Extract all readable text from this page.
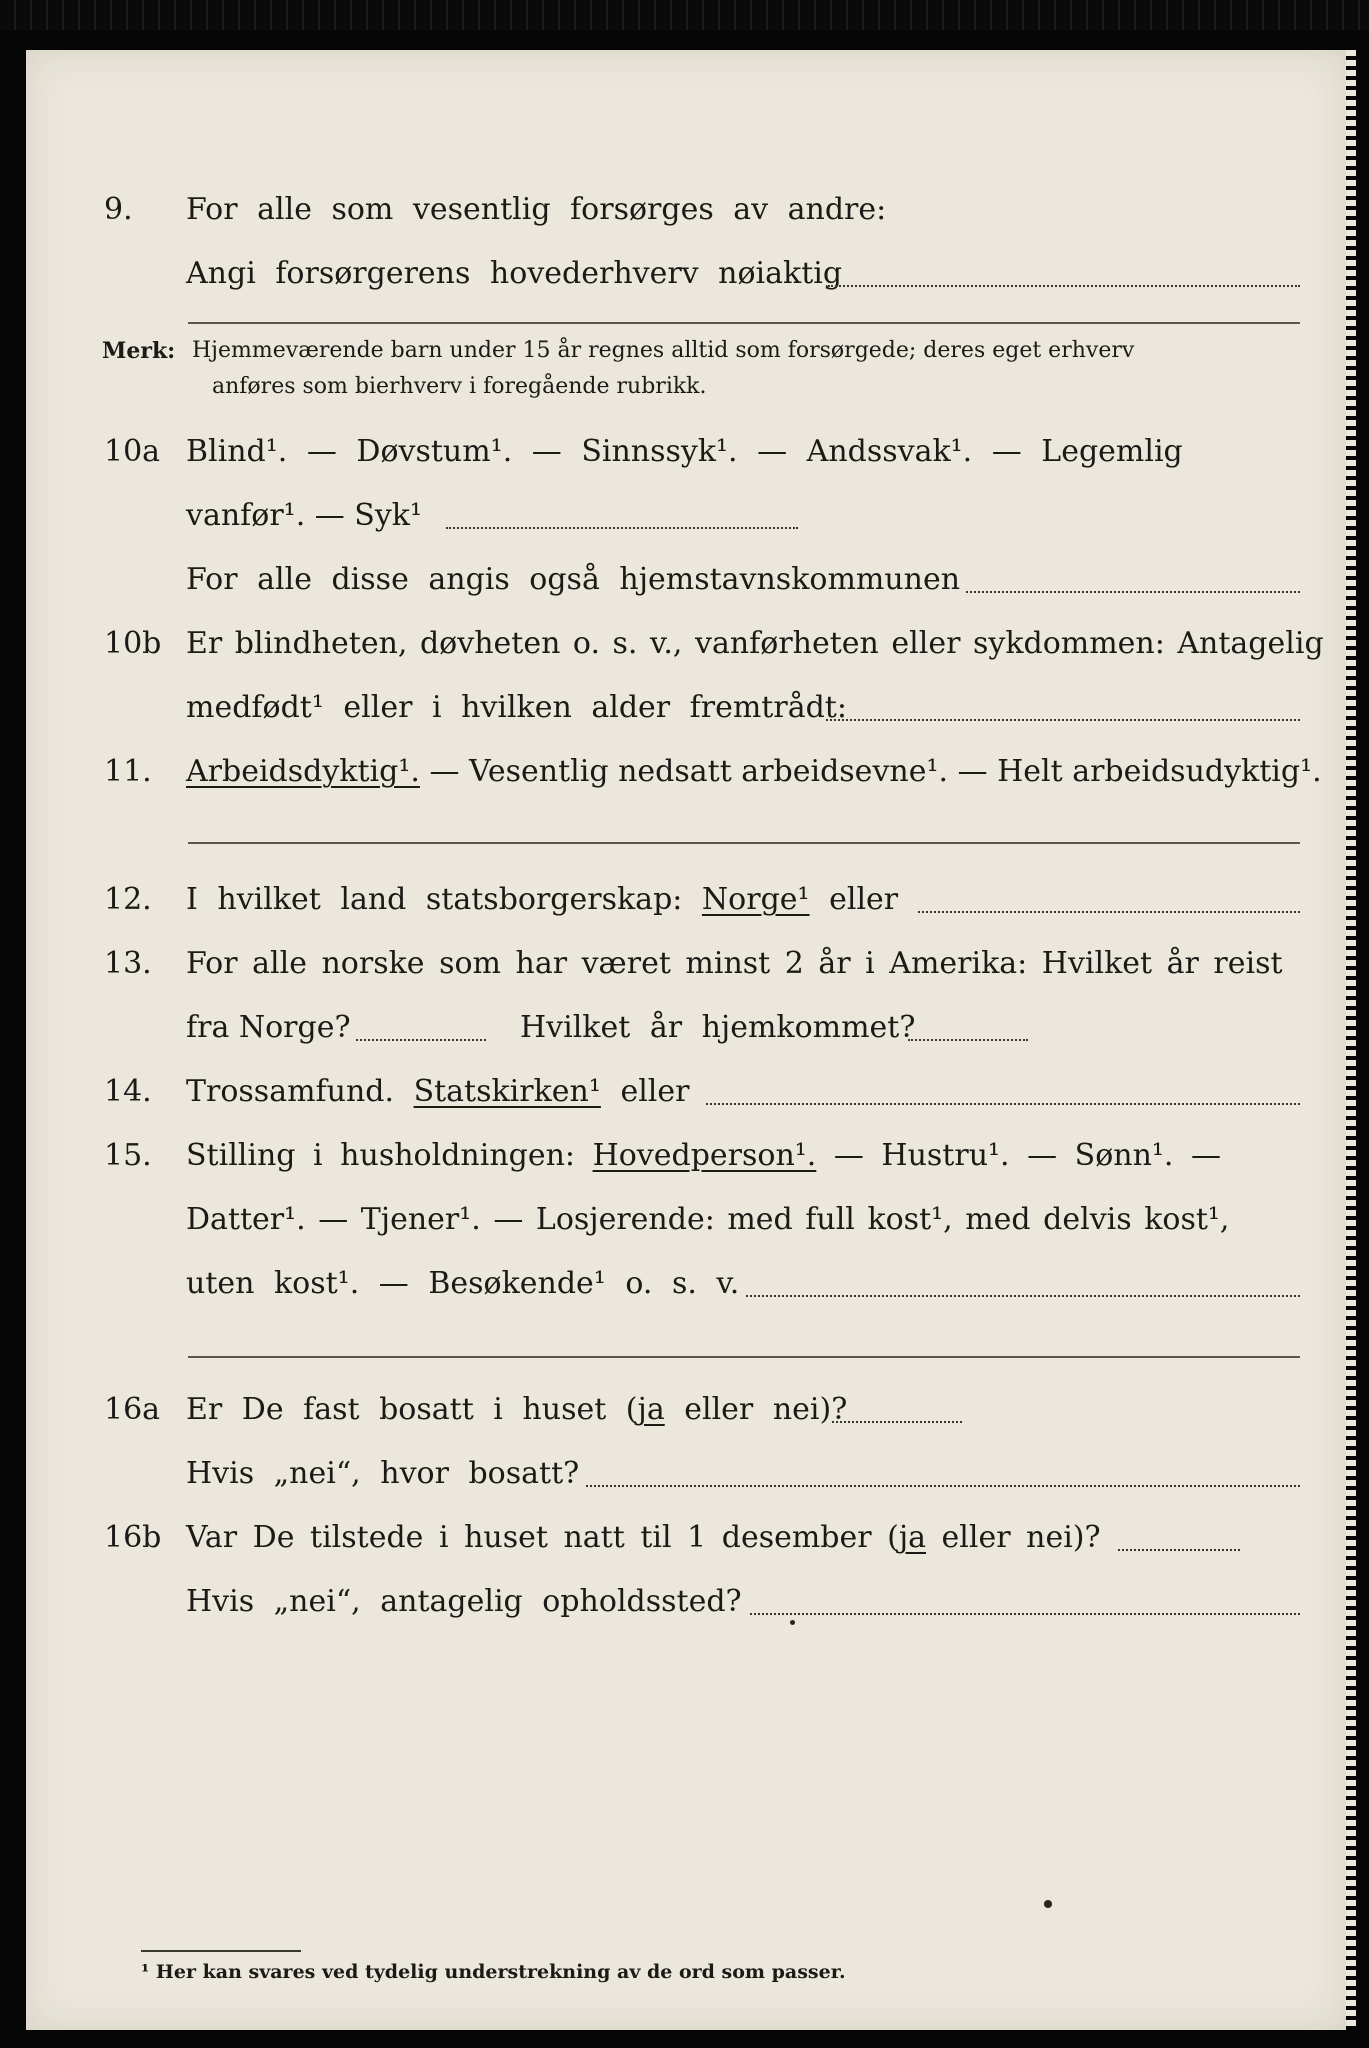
9. For alle som vesentlig forsørges av andre:
Angi forsørgerens hovederhverv nøiaktig
Merk: Hjemmeværende barn under 15 år regnes alltid som forsørgede; deres eget erhverv
anføres som bierhverv i foregående rubrikk.
10a Blind¹. — Døvstum¹. — Sinnssyk¹. — Andssvak¹. — Legemlig
vanfør¹. — Syk¹
For alle disse angis også hjemstavnskommunen
10b Er blindheten, døvheten o. s. v., vanførheten eller sykdommen: Antagelig
medfødt¹ eller i hvilken alder fremtrådt:
11. Arbeidsdyktig¹. — Vesentlig nedsatt arbeidsevne¹. — Helt arbeidsudyktig¹.
12. I hvilket land statsborgerskap: Norge¹ eller
13. For alle norske som har været minst 2 år i Amerika: Hvilket år reist
fra Norge?	Hvilket år hjemkommet?
14. Trossamfund. Statskirken¹ eller
15. Stilling i husholdningen: Hovedperson¹. — Hustru¹. — Sønn¹. —
Datter¹. — Tjener¹. — Losjerende: med full kost¹, med delvis kost¹,
uten kost¹. — Besøkende¹ o. s. v.
16a Er De fast bosatt i huset (ja eller nei)?
Hvis „nei“, hvor bosatt?
16b Var De tilstede i huset natt til 1 desember (ja eller nei)?
Hvis „nei“, antagelig opholdssted?
¹ Her kan svares ved tydelig understrekning av de ord som passer.
